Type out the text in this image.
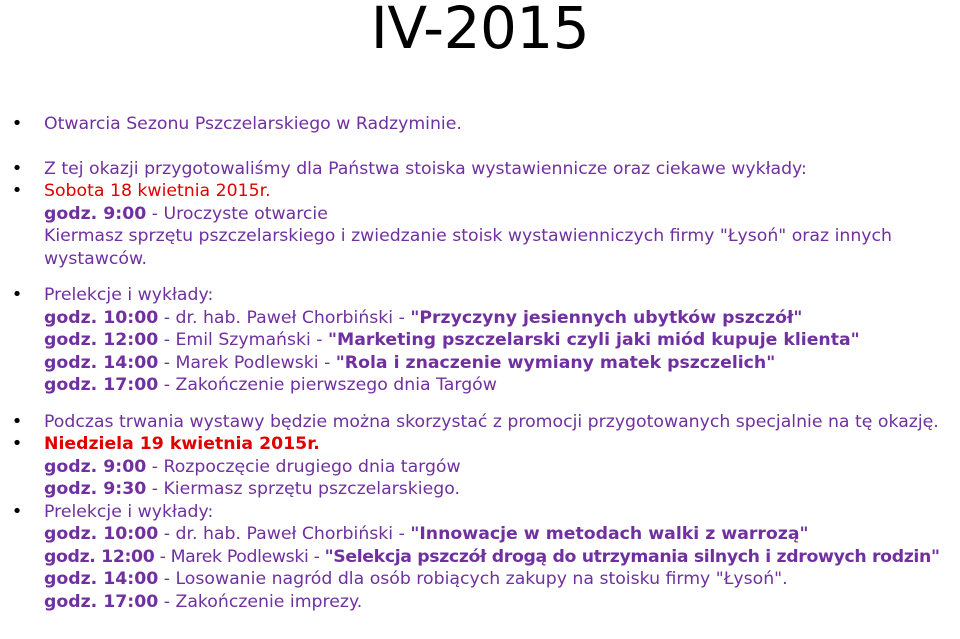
IV-2015
• Otwarcia Sezonu Pszczelarskiego w Radzyminie.
• Z tej okazji przygotowaliśmy dla Państwa stoiska wystawiennicze oraz ciekawe wykłady:
• Sobota 18 kwietnia 2015r.
godz. 9:00 - Uroczyste otwarcie
Kiermasz sprzętu pszczelarskiego i zwiedzanie stoisk wystawienniczych firmy "Łysoń" oraz innych wystawców.
• Prelekcje i wykłady:
godz. 10:00 - dr. hab. Paweł Chorbiński - "Przyczyny jesiennych ubytków pszczół"
godz. 12:00 - Emil Szymański - "Marketing pszczelarski czyli jaki miód kupuje klienta"
godz. 14:00 - Marek Podlewski - "Rola i znaczenie wymiany matek pszczelich"
godz. 17:00 - Zakończenie pierwszego dnia Targów
• Podczas trwania wystawy będzie można skorzystać z promocji przygotowanych specjalnie na tę okazję.
• Niedziela 19 kwietnia 2015r.
godz. 9:00 - Rozpoczęcie drugiego dnia targów
godz. 9:30 - Kiermasz sprzętu pszczelarskiego.
• Prelekcje i wykłady:
godz. 10:00 - dr. hab. Paweł Chorbiński - "Innowacje w metodach walki z warrozą"
godz. 12:00 - Marek Podlewski - "Selekcja pszczół drogą do utrzymania silnych i zdrowych rodzin"
godz. 14:00 - Losowanie nagród dla osób robiących zakupy na stoisku firmy "Łysoń".
godz. 17:00 - Zakończenie imprezy.
